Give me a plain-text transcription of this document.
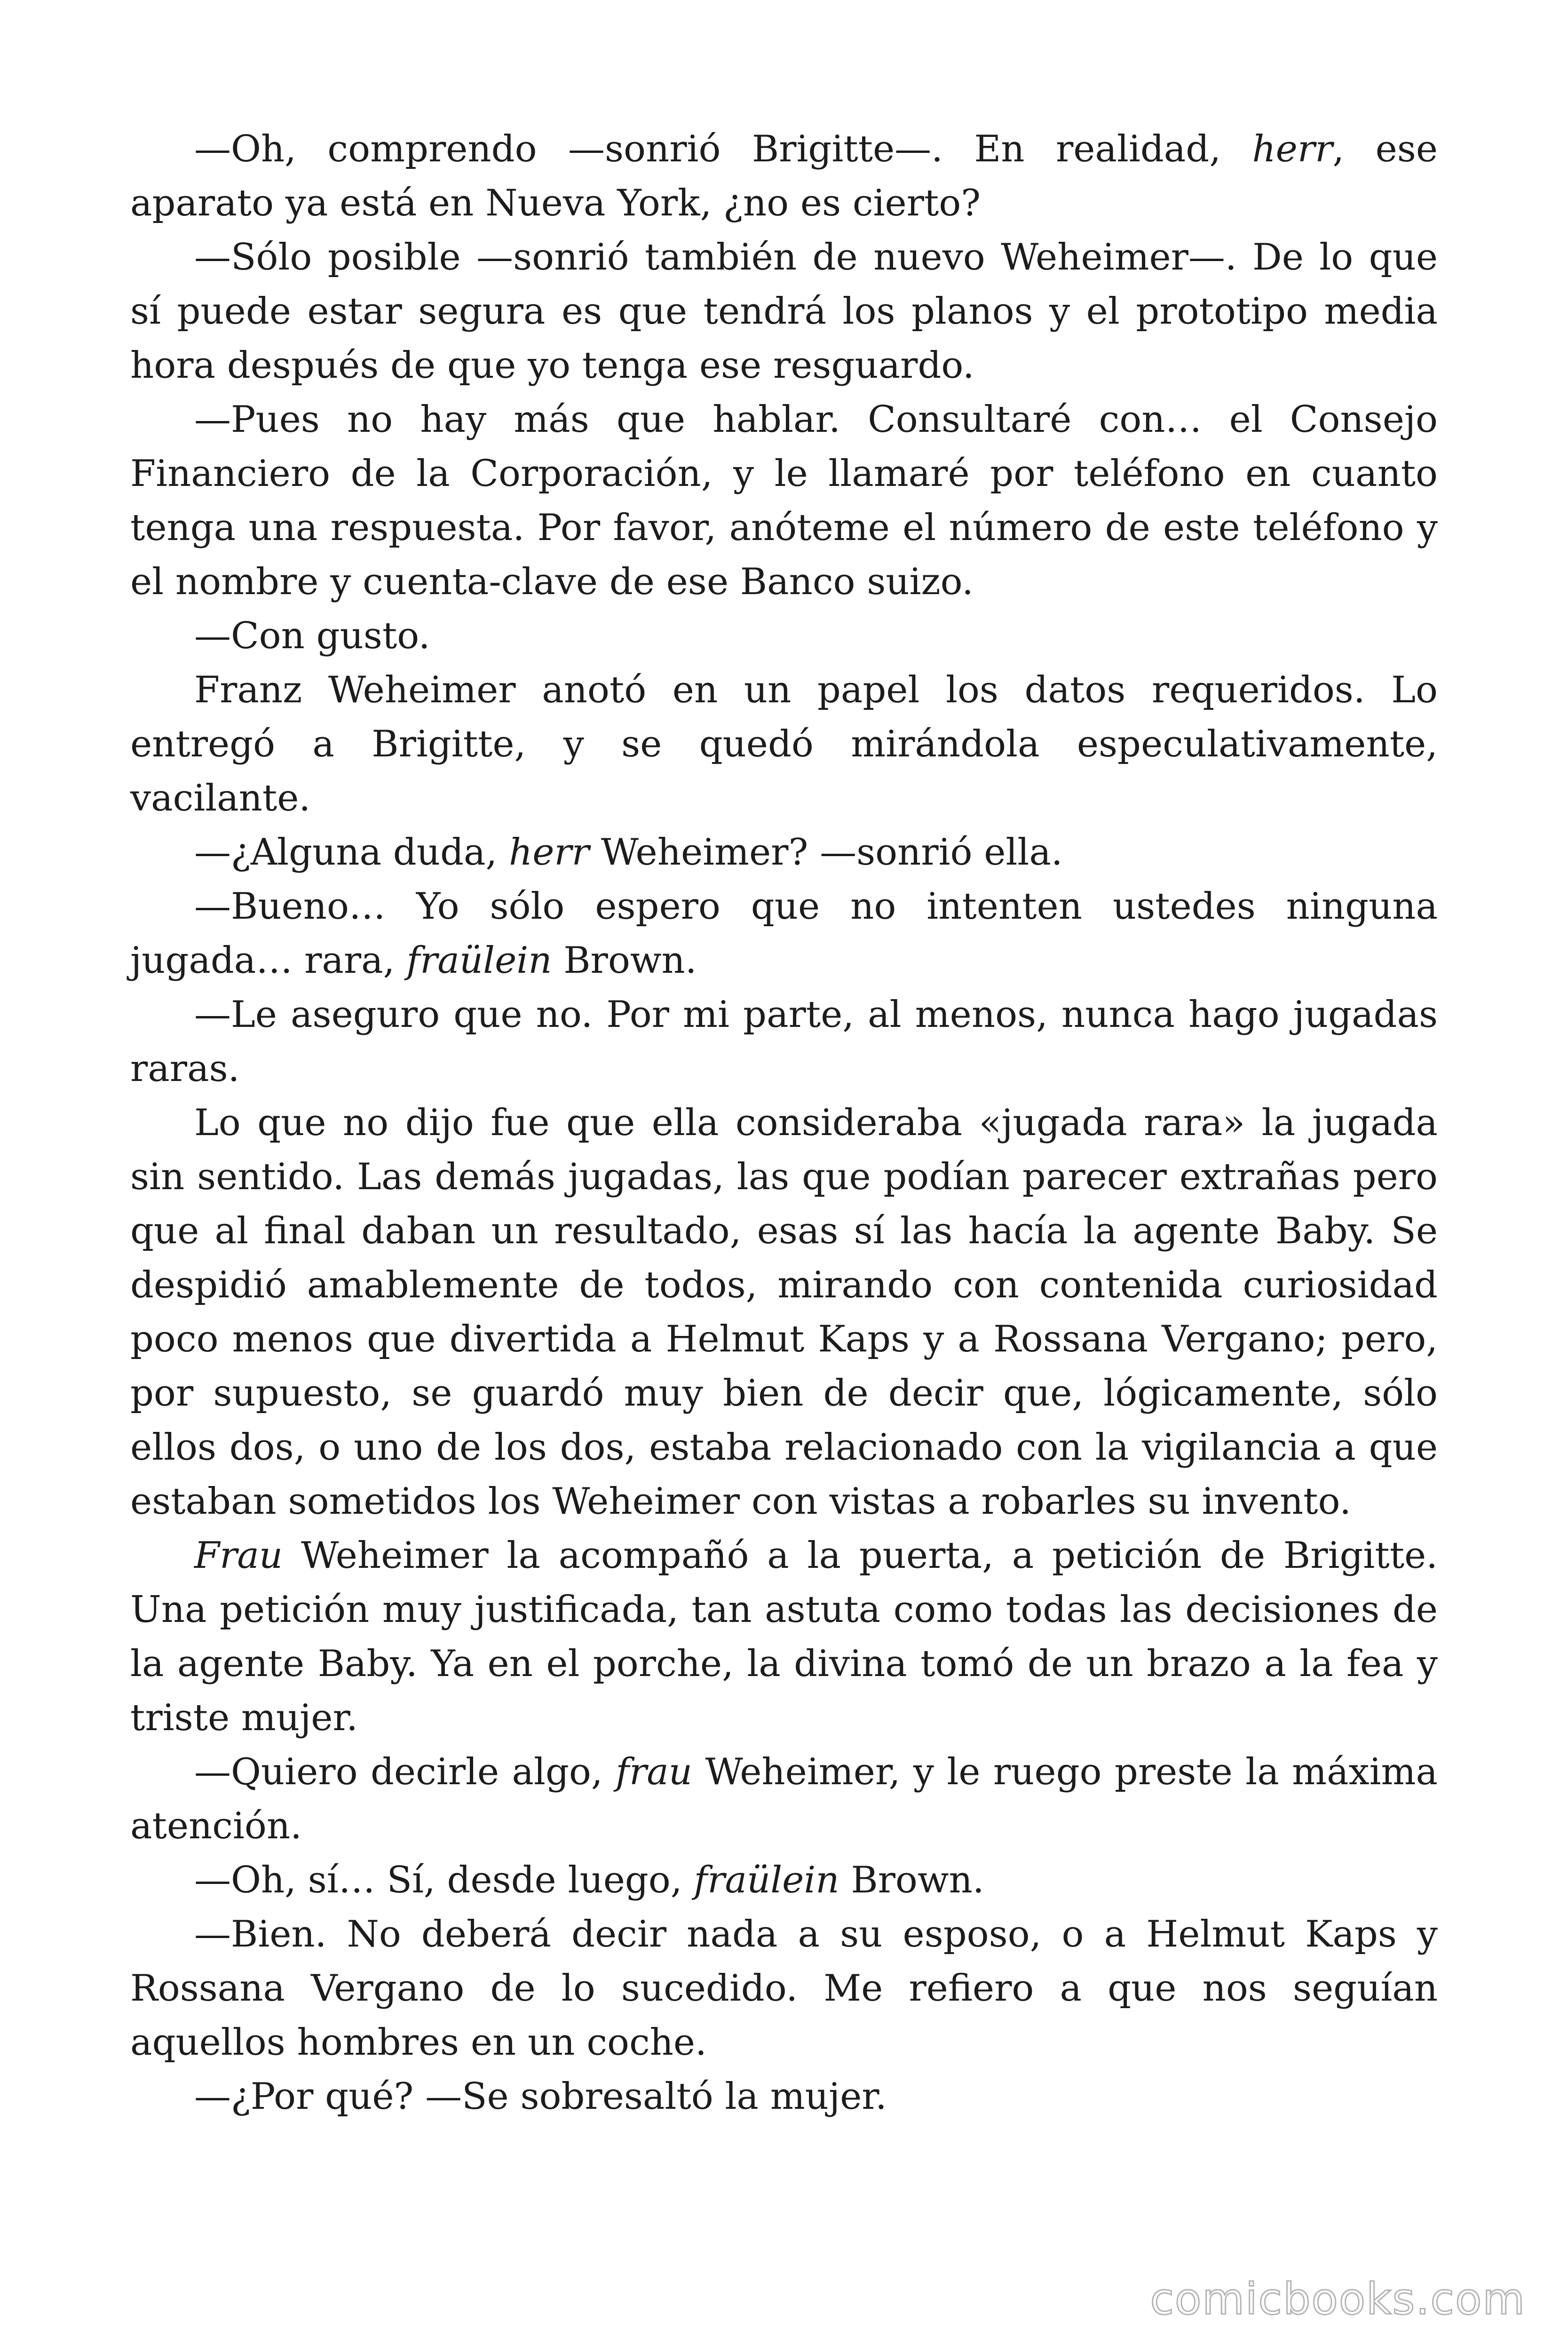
—Oh, comprendo —sonrió Brigitte—. En realidad, herr, ese aparato ya está en Nueva York, ¿no es cierto?

—Sólo posible —sonrió también de nuevo Weheimer—. De lo que sí puede estar segura es que tendrá los planos y el prototipo media hora después de que yo tenga ese resguardo.

—Pues no hay más que hablar. Consultaré con… el Consejo Financiero de la Corporación, y le llamaré por teléfono en cuanto tenga una respuesta. Por favor, anóteme el número de este teléfono y el nombre y cuenta-clave de ese Banco suizo.

—Con gusto.

Franz Weheimer anotó en un papel los datos requeridos. Lo entregó a Brigitte, y se quedó mirándola especulativamente, vacilante.

—¿Alguna duda, herr Weheimer? —sonrió ella.

—Bueno… Yo sólo espero que no intenten ustedes ninguna jugada… rara, fraülein Brown.

—Le aseguro que no. Por mi parte, al menos, nunca hago jugadas raras.

Lo que no dijo fue que ella consideraba «jugada rara» la jugada sin sentido. Las demás jugadas, las que podían parecer extrañas pero que al final daban un resultado, esas sí las hacía la agente Baby. Se despidió amablemente de todos, mirando con contenida curiosidad poco menos que divertida a Helmut Kaps y a Rossana Vergano; pero, por supuesto, se guardó muy bien de decir que, lógicamente, sólo ellos dos, o uno de los dos, estaba relacionado con la vigilancia a que estaban sometidos los Weheimer con vistas a robarles su invento.

Frau Weheimer la acompañó a la puerta, a petición de Brigitte. Una petición muy justificada, tan astuta como todas las decisiones de la agente Baby. Ya en el porche, la divina tomó de un brazo a la fea y triste mujer.

—Quiero decirle algo, frau Weheimer, y le ruego preste la máxima atención.

—Oh, sí… Sí, desde luego, fraülein Brown.

—Bien. No deberá decir nada a su esposo, o a Helmut Kaps y Rossana Vergano de lo sucedido. Me refiero a que nos seguían aquellos hombres en un coche.

—¿Por qué? —Se sobresaltó la mujer.

comicbooks.com
